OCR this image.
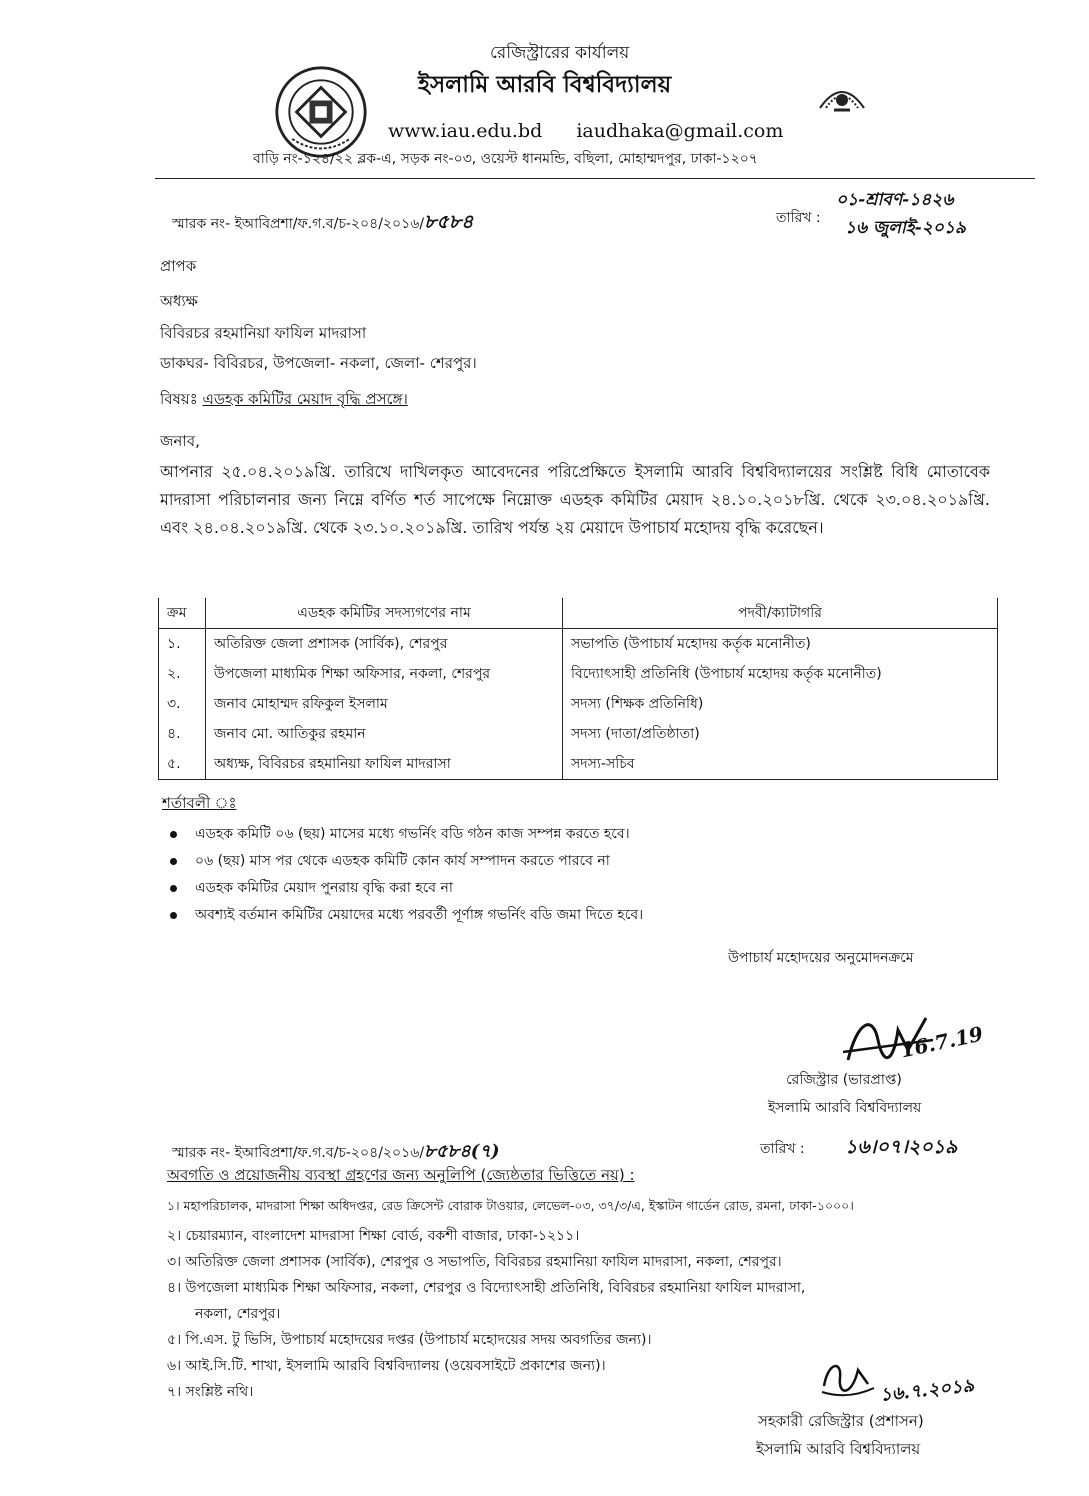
রেজিস্ট্রারের কার্যালয়
ইসলামি আরবি বিশ্ববিদ্যালয়
www.iau.edu.bd iaudhaka@gmail.com
বাড়ি নং-১২৪/২২ ব্লক-এ, সড়ক নং-০৩, ওয়েস্ট ধানমন্ডি, বছিলা, মোহাম্মদপুর, ঢাকা-১২০৭
স্মারক নং- ইআবিপ্রশা/ফ.গ.ব/চ-২০৪/২০১৬/৮৫৮৪	তারিখ :
০১-শ্রাবণ-১৪২৬
১৬ জুলাই-২০১৯
প্রাপক
অধ্যক্ষ
বিবিরচর রহমানিয়া ফাযিল মাদরাসা
ডাকঘর- বিবিরচর, উপজেলা- নকলা, জেলা- শেরপুর।
বিষয়ঃ এডহক কমিটির মেয়াদ বৃদ্ধি প্রসঙ্গে।
জনাব,
আপনার ২৫.০৪.২০১৯খ্রি. তারিখে দাখিলকৃত আবেদনের পরিপ্রেক্ষিতে ইসলামি আরবি বিশ্ববিদ্যালয়ের সংশ্লিষ্ট বিধি মোতাবেক মাদরাসা পরিচালনার জন্য নিম্নে বর্ণিত শর্ত সাপেক্ষে নিম্নোক্ত এডহক কমিটির মেয়াদ ২৪.১০.২০১৮খ্রি. থেকে ২৩.০৪.২০১৯খ্রি. এবং ২৪.০৪.২০১৯খ্রি. থেকে ২৩.১০.২০১৯খ্রি. তারিখ পর্যন্ত ২য় মেয়াদে উপাচার্য মহোদয় বৃদ্ধি করেছেন।
ক্রম	এডহক কমিটির সদস্যগণের নাম	পদবী/ক্যাটাগরি
১.	অতিরিক্ত জেলা প্রশাসক (সার্বিক), শেরপুর	সভাপতি (উপাচার্য মহোদয় কর্তৃক মনোনীত)
২.	উপজেলা মাধ্যমিক শিক্ষা অফিসার, নকলা, শেরপুর	বিদ্যোৎসাহী প্রতিনিধি (উপাচার্য মহোদয় কর্তৃক মনোনীত)
৩.	জনাব মোহাম্মদ রফিকুল ইসলাম	সদস্য (শিক্ষক প্রতিনিধি)
৪.	জনাব মো. আতিকুর রহমান	সদস্য (দাতা/প্রতিষ্ঠাতা)
৫.	অধ্যক্ষ, বিবিরচর রহমানিয়া ফাযিল মাদরাসা	সদস্য-সচিব
শর্তাবলী ঃ
এডহক কমিটি ০৬ (ছয়) মাসের মধ্যে গভর্নিং বডি গঠন কাজ সম্পন্ন করতে হবে।
০৬ (ছয়) মাস পর থেকে এডহক কমিটি কোন কার্য সম্পাদন করতে পারবে না
এডহক কমিটির মেয়াদ পুনরায় বৃদ্ধি করা হবে না
অবশ্যই বর্তমান কমিটির মেয়াদের মধ্যে পরবর্তী পূর্ণাঙ্গ গভর্নিং বডি জমা দিতে হবে।
উপাচার্য মহোদয়ের অনুমোদনক্রমে
16.7.19
রেজিস্ট্রার (ভারপ্রাপ্ত)
ইসলামি আরবি বিশ্ববিদ্যালয়
স্মারক নং- ইআবিপ্রশা/ফ.গ.ব/চ-২০৪/২০১৬/৮৫৮৪(৭)	তারিখ : ১৬।০৭।২০১৯
অবগতি ও প্রয়োজনীয় ব্যবস্থা গ্রহণের জন্য অনুলিপি (জ্যেষ্ঠতার ভিত্তিতে নয়) :
১। মহাপরিচালক, মাদরাসা শিক্ষা অধিদপ্তর, রেড ক্রিসেন্ট বোরাক টাওয়ার, লেভেল-০৩, ৩৭/৩/এ, ইস্কাটন গার্ডেন রোড, রমনা, ঢাকা-১০০০।
২। চেয়ারম্যান, বাংলাদেশ মাদরাসা শিক্ষা বোর্ড, বকশী বাজার, ঢাকা-১২১১।
৩। অতিরিক্ত জেলা প্রশাসক (সার্বিক), শেরপুর ও সভাপতি, বিবিরচর রহমানিয়া ফাযিল মাদরাসা, নকলা, শেরপুর।
৪। উপজেলা মাধ্যমিক শিক্ষা অফিসার, নকলা, শেরপুর ও বিদ্যোৎসাহী প্রতিনিধি, বিবিরচর রহমানিয়া ফাযিল মাদরাসা,
নকলা, শেরপুর।
৫। পি.এস. টু ভিসি, উপাচার্য মহোদয়ের দপ্তর (উপাচার্য মহোদয়ের সদয় অবগতির জন্য)।
৬। আই.সি.টি. শাখা, ইসলামি আরবি বিশ্ববিদ্যালয় (ওয়েবসাইটে প্রকাশের জন্য)।
৭। সংশ্লিষ্ট নথি।	১৬.৭.২০১৯
সহকারী রেজিস্ট্রার (প্রশাসন)
ইসলামি আরবি বিশ্ববিদ্যালয়
